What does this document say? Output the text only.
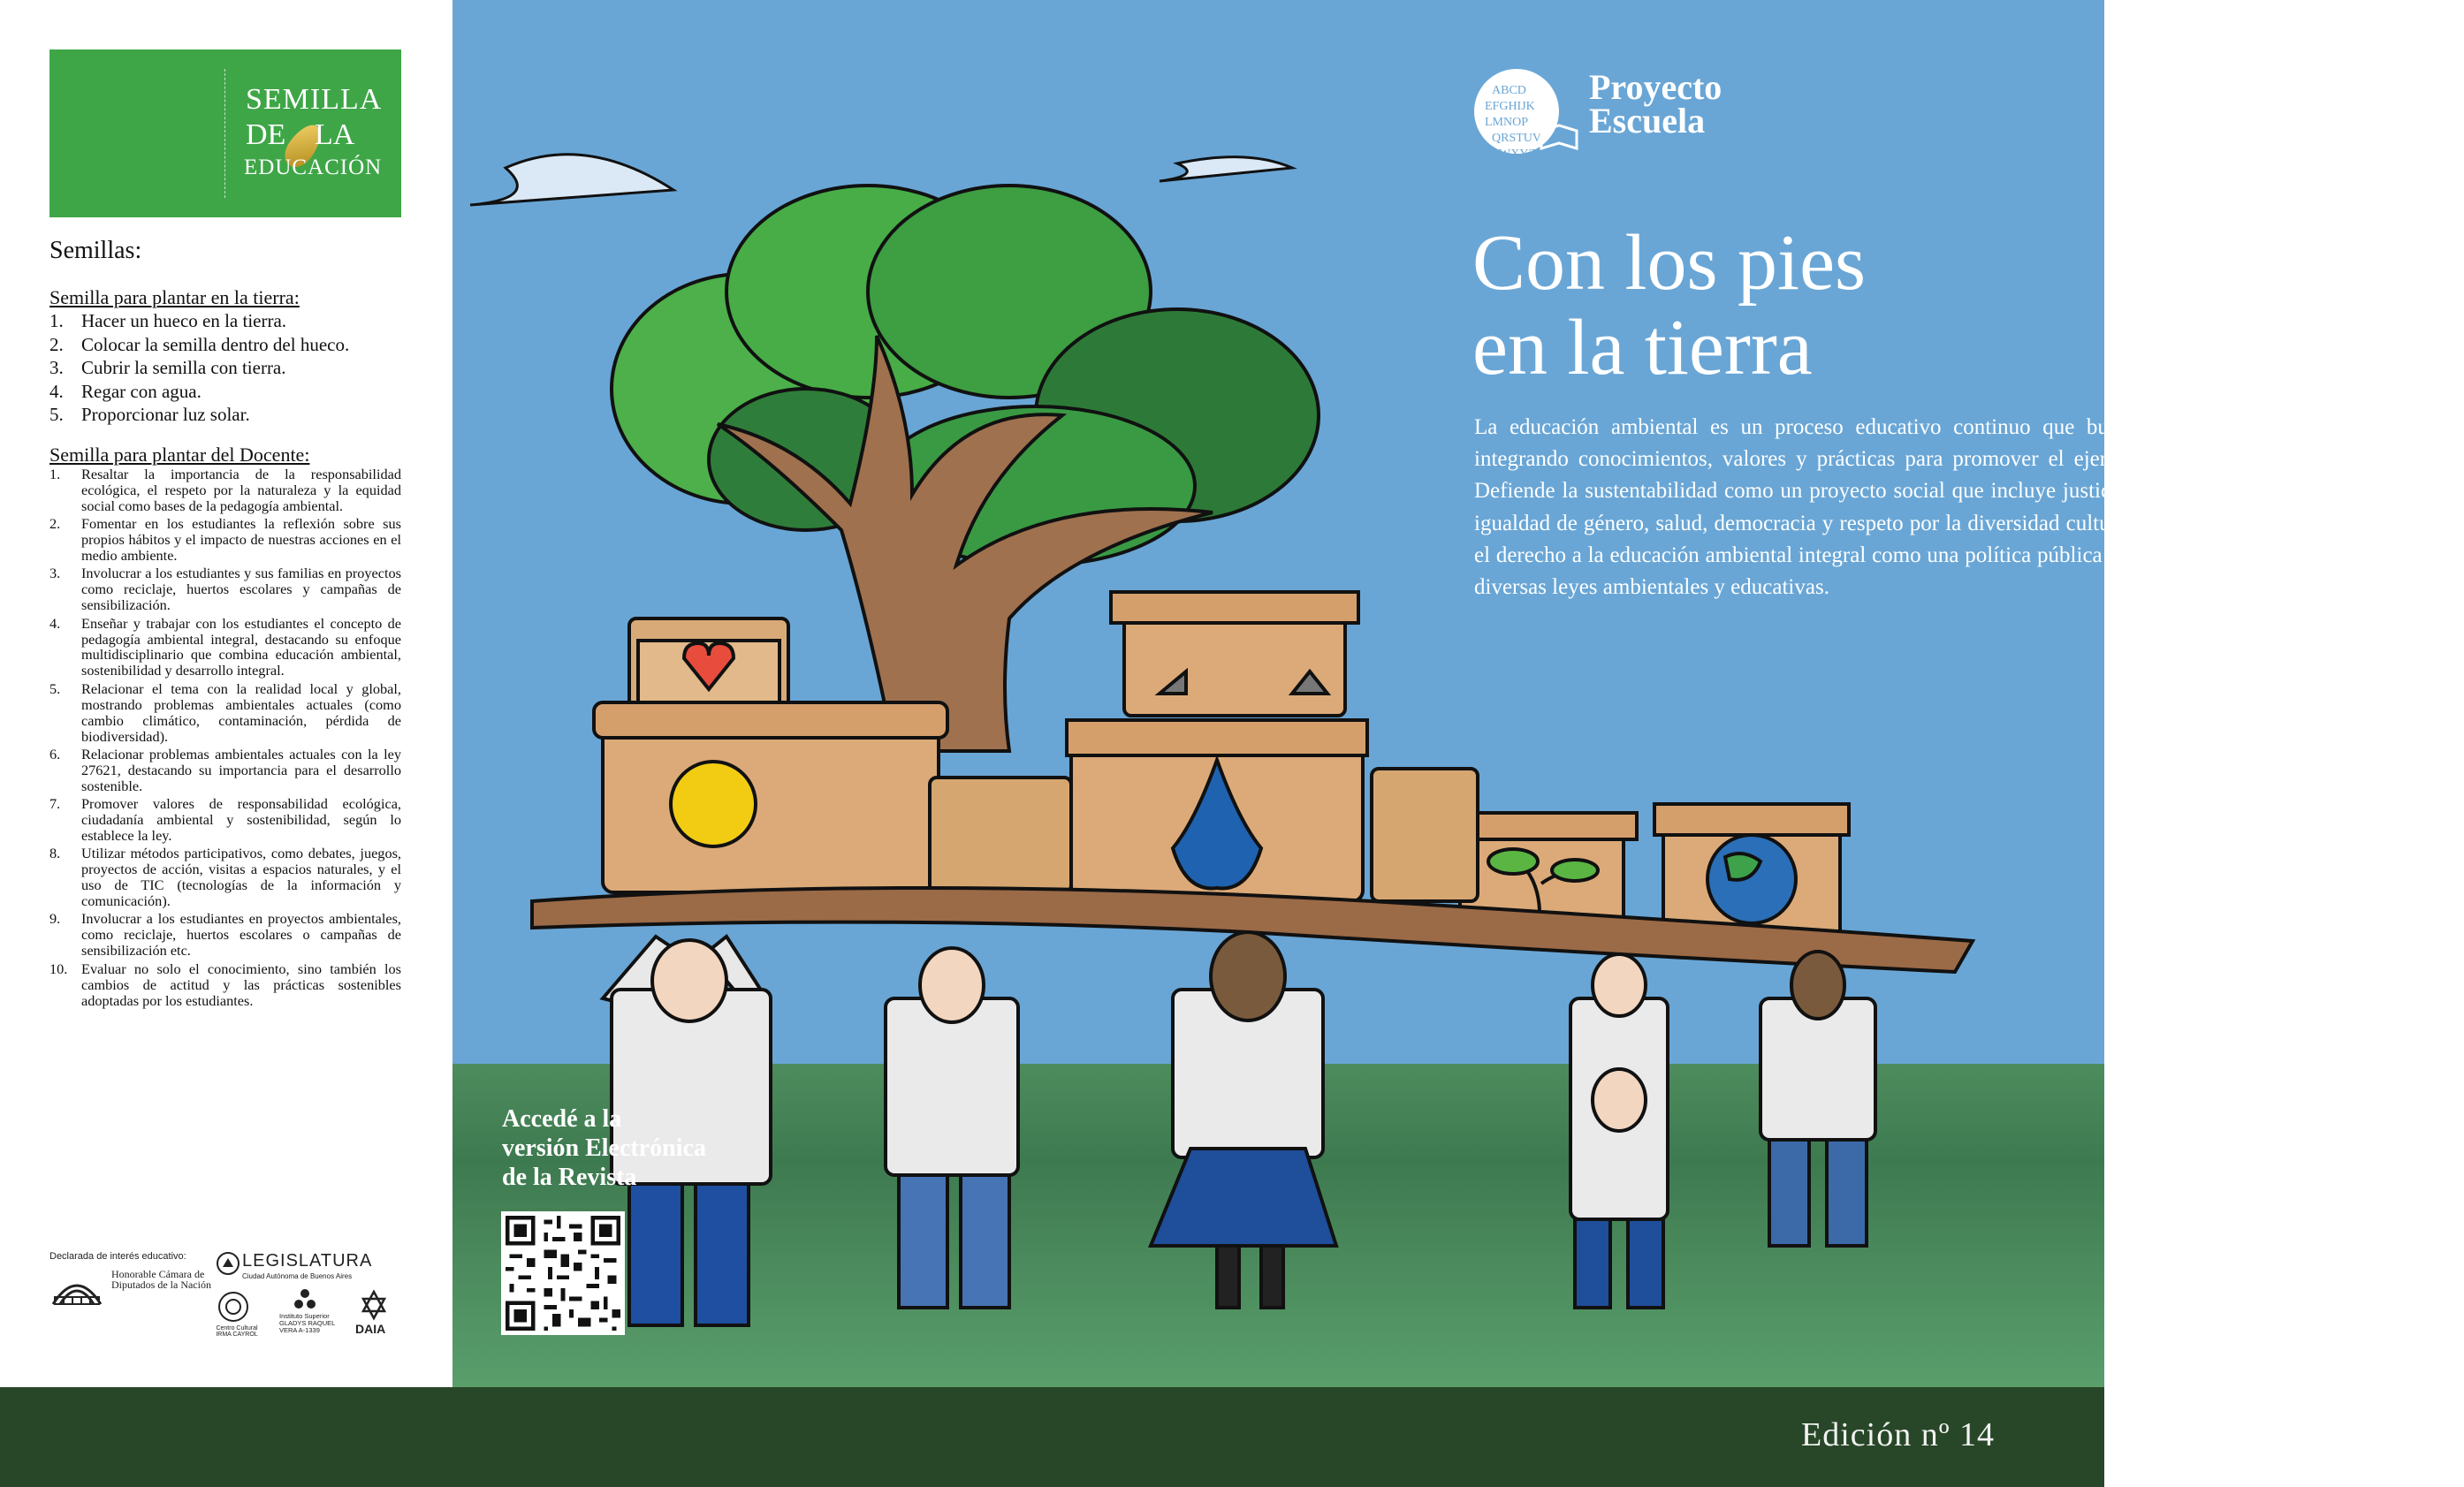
SEMILLA
DE LA
EDUCACIÓN
Semillas:
Semilla para plantar en la tierra:
1. Hacer un hueco en la tierra.
2. Colocar la semilla dentro del hueco.
3. Cubrir la semilla con tierra.
4. Regar con agua.
5. Proporcionar luz solar.
Semilla para plantar del Docente:
1.	Resaltar la importancia de la responsabilidad ecológica, el respeto por la naturaleza y la equidad social como bases de la pedagogía ambiental.
2.	Fomentar en los estudiantes la reflexión sobre sus propios hábitos y el impacto de nuestras acciones en el medio ambiente.
3.	Involucrar a los estudiantes y sus familias en proyectos como reciclaje, huertos escolares y campañas de sensibilización.
4.	Enseñar y trabajar con los estudiantes el concepto de pedagogía ambiental integral, destacando su enfoque multidisciplinario que combina educación ambiental, sostenibilidad y desarrollo integral.
5.	Relacionar el tema con la realidad local y global, mostrando problemas ambientales actuales (como cambio climático, contaminación, pérdida de biodiversidad).
6.	Relacionar problemas ambientales actuales con la ley 27621, destacando su importancia para el desarrollo sostenible.
7.	Promover valores de responsabilidad ecológica, ciudadanía ambiental y sostenibilidad, según lo establece la ley.
8.	Utilizar métodos participativos, como debates, juegos, proyectos de acción, visitas a espacios naturales, y el uso de TIC (tecnologías de la información y comunicación).
9.	Involucrar a los estudiantes en proyectos ambientales, como reciclaje, huertos escolares o campañas de sensibilización etc.
10. Evaluar no solo el conocimiento, sino también los cambios de actitud y las prácticas sostenibles adoptadas por los estudiantes.
Declarada de interés educativo:
Honorable Cámara de Diputados de la Nación
LEGISLATURA
Ciudad Autónoma de Buenos Aires
Centro Cultural IRMA CAYROL
Instituto Superior GLADYS RAQUEL VERA A-1339	DAIA
ABCD
EFGHIJK
LMNOP
QRSTUV
WXYZ
Proyecto
Escuela
Con los pies
en la tierra

La educación ambiental es un proceso educativo continuo que busca formar una conciencia ambiental, integrando conocimientos, valores y prácticas para promover el ejercicio del derecho a un ambiente sano. Defiende la sustentabilidad como un proyecto social que incluye justicia social, preservación de la naturaleza, igualdad de género, salud, democracia y respeto por la diversidad cultural. Además, la Ley N°27.621 establece el derecho a la educación ambiental integral como una política pública nacional, alineada con la Constitución y diversas leyes ambientales y educativas.

Accedé a la
versión Electrónica
de la Revista
Edición nº 14
